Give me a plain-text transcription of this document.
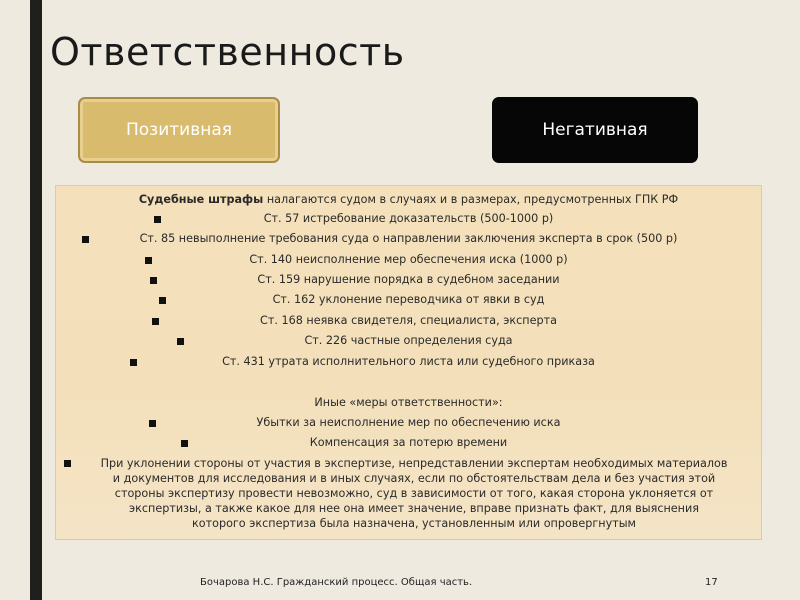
Ответственность
Позитивная	Негативная
Судебные штрафы налагаются судом в случаях и в размерах, предусмотренных ГПК РФ
Ст. 57 истребование доказательств (500-1000 р)
Ст. 85 невыполнение требования суда о направлении заключения эксперта в срок (500 р)
Ст. 140 неисполнение мер обеспечения иска (1000 р)
Ст. 159 нарушение порядка в судебном заседании
Ст. 162 уклонение переводчика от явки в суд
Ст. 168 неявка свидетеля, специалиста, эксперта
Ст. 226 частные определения суда
Ст. 431 утрата исполнительного листа или судебного приказа
Иные «меры ответственности»:
Убытки за неисполнение мер по обеспечению иска
Компенсация за потерю времени
При уклонении стороны от участия в экспертизе, непредставлении экспертам необходимых материалов
и документов для исследования и в иных случаях, если по обстоятельствам дела и без участия этой
стороны экспертизу провести невозможно, суд в зависимости от того, какая сторона уклоняется от
экспертизы, а также какое для нее она имеет значение, вправе признать факт, для выяснения
которого экспертиза была назначена, установленным или опровергнутым
Бочарова Н.С. Гражданский процесс. Общая часть.	17
